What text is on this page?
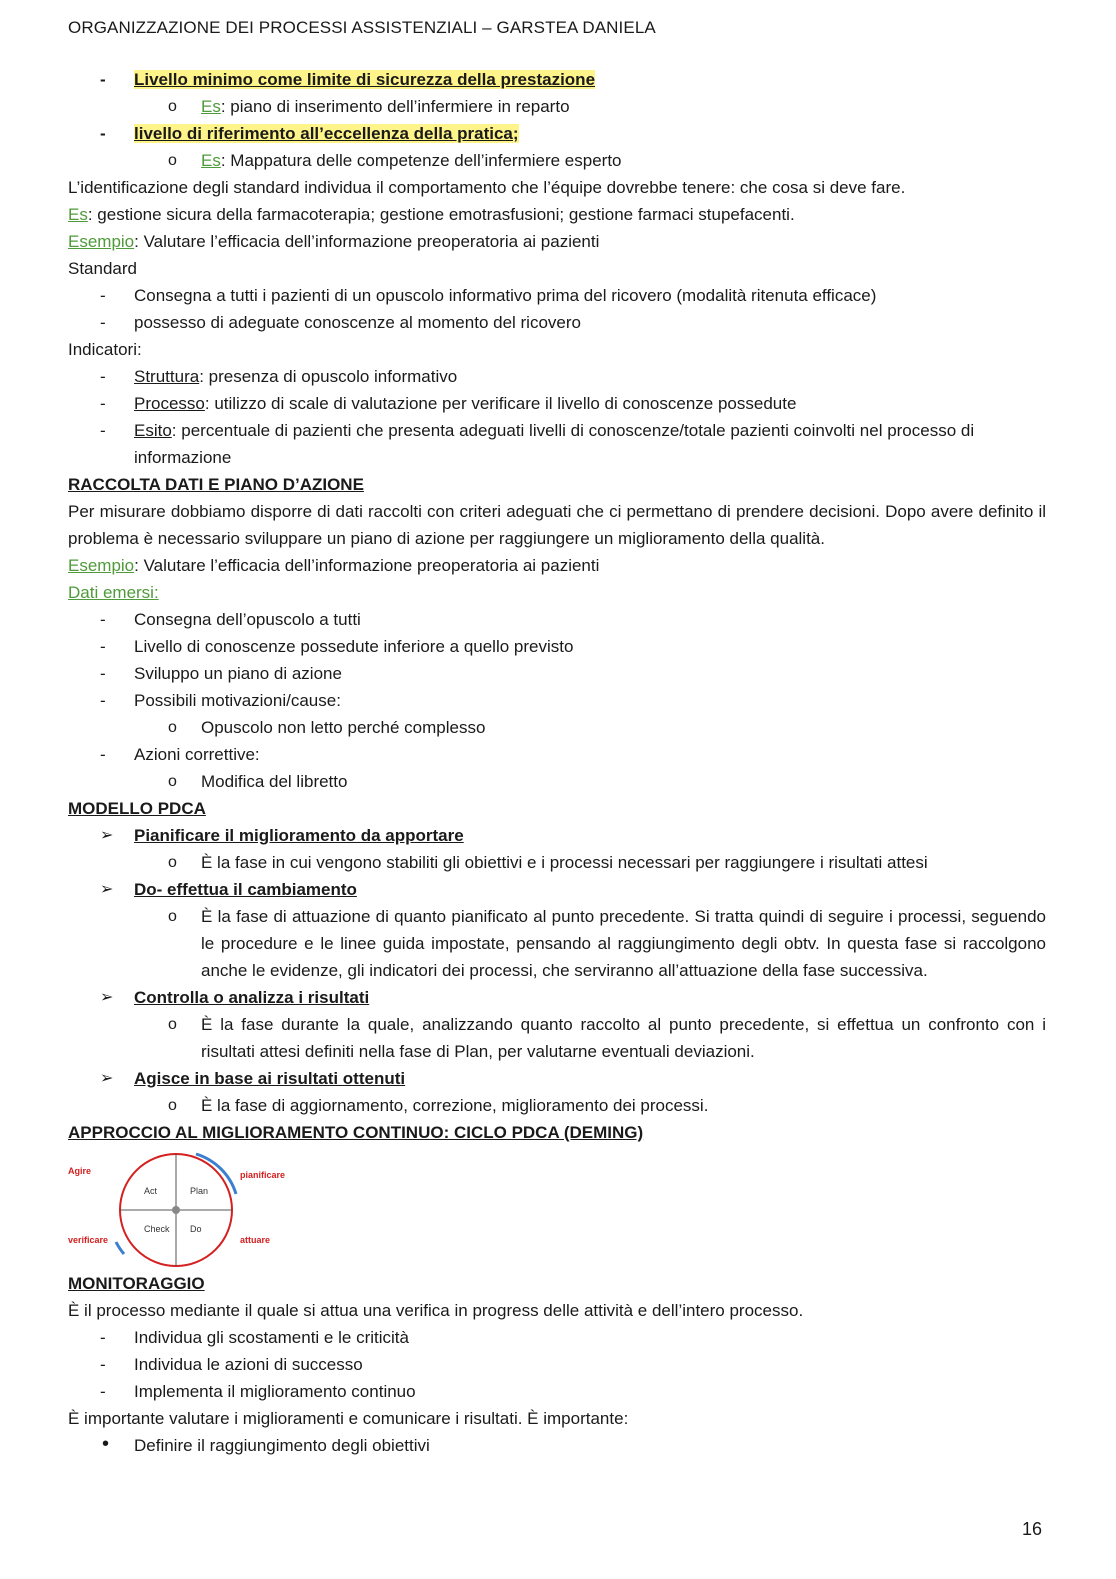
ORGANIZZAZIONE DEI PROCESSI ASSISTENZIALI – GARSTEA DANIELA
-	Livello minimo come limite di sicurezza della prestazione
o Es: piano di inserimento dell’infermiere in reparto
-	livello di riferimento all’eccellenza della pratica;
o Es: Mappatura delle competenze dell’infermiere esperto
L’identificazione degli standard individua il comportamento che l’équipe dovrebbe tenere: che cosa si deve fare.
Es: gestione sicura della farmacoterapia; gestione emotrasfusioni; gestione farmaci stupefacenti.
Esempio: Valutare l’efficacia dell’informazione preoperatoria ai pazienti
Standard
-	Consegna a tutti i pazienti di un opuscolo informativo prima del ricovero (modalità ritenuta efficace)
-	possesso di adeguate conoscenze al momento del ricovero
Indicatori:
-	Struttura: presenza di opuscolo informativo
-	Processo: utilizzo di scale di valutazione per verificare il livello di conoscenze possedute
-	Esito: percentuale di pazienti che presenta adeguati livelli di conoscenze/totale pazienti coinvolti nel processo di informazione
RACCOLTA DATI E PIANO D’AZIONE
Per misurare dobbiamo disporre di dati raccolti con criteri adeguati che ci permettano di prendere decisioni. Dopo avere definito il problema è necessario sviluppare un piano di azione per raggiungere un miglioramento della qualità.
Esempio: Valutare l’efficacia dell’informazione preoperatoria ai pazienti
Dati emersi:
-	Consegna dell’opuscolo a tutti
-	Livello di conoscenze possedute inferiore a quello previsto
-	Sviluppo un piano di azione
-	Possibili motivazioni/cause:
o Opuscolo non letto perché complesso
-	Azioni correttive:
o Modifica del libretto
MODELLO PDCA
➢ Pianificare il miglioramento da apportare
o È la fase in cui vengono stabiliti gli obiettivi e i processi necessari per raggiungere i risultati attesi
➢ Do- effettua il cambiamento
o È la fase di attuazione di quanto pianificato al punto precedente. Si tratta quindi di seguire i processi, seguendo le procedure e le linee guida impostate, pensando al raggiungimento degli obtv. In questa fase si raccolgono anche le evidenze, gli indicatori dei processi, che serviranno all’attuazione della fase successiva.
➢ Controlla o analizza i risultati
o È la fase durante la quale, analizzando quanto raccolto al punto precedente, si effettua un confronto con i risultati attesi definiti nella fase di Plan, per valutarne eventuali deviazioni.
➢ Agisce in base ai risultati ottenuti
o È la fase di aggiornamento, correzione, miglioramento dei processi.
APPROCCIO AL MIGLIORAMENTO CONTINUO: CICLO PDCA (DEMING)
Act	Plan
Check Do
Agire	pianificare
verificare	attuare
MONITORAGGIO
È il processo mediante il quale si attua una verifica in progress delle attività e dell’intero processo.
-	Individua gli scostamenti e le criticità
-	Individua le azioni di successo
-	Implementa il miglioramento continuo
È importante valutare i miglioramenti e comunicare i risultati. È importante:
• Definire il raggiungimento degli obiettivi
16
